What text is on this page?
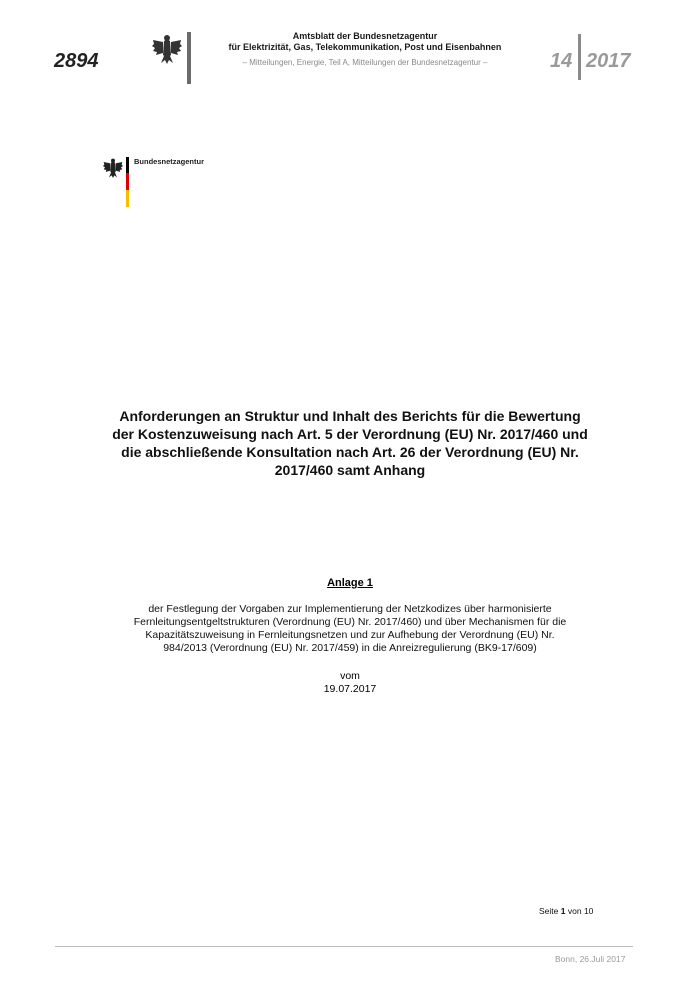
2894
Amtsblatt der Bundesnetzagentur
für Elektrizität, Gas, Telekommunikation, Post und Eisenbahnen
– Mitteilungen, Energie, Teil A, Mitteilungen der Bundesnetzagentur –	14 2017
Bundesnetzagentur
Anforderungen an Struktur und Inhalt des Berichts für die Bewertung
der Kostenzuweisung nach Art. 5 der Verordnung (EU) Nr. 2017/460 und
die abschließende Konsultation nach Art. 26 der Verordnung (EU) Nr.
2017/460 samt Anhang
Anlage 1
der Festlegung der Vorgaben zur Implementierung der Netzkodizes über harmonisierte
Fernleitungsentgeltstrukturen (Verordnung (EU) Nr. 2017/460) und über Mechanismen für die
Kapazitätszuweisung in Fernleitungsnetzen und zur Aufhebung der Verordnung (EU) Nr.
984/2013 (Verordnung (EU) Nr. 2017/459) in die Anreizregulierung (BK9-17/609)
vom
19.07.2017
Seite 1 von 10
Bonn, 26.Juli 2017
